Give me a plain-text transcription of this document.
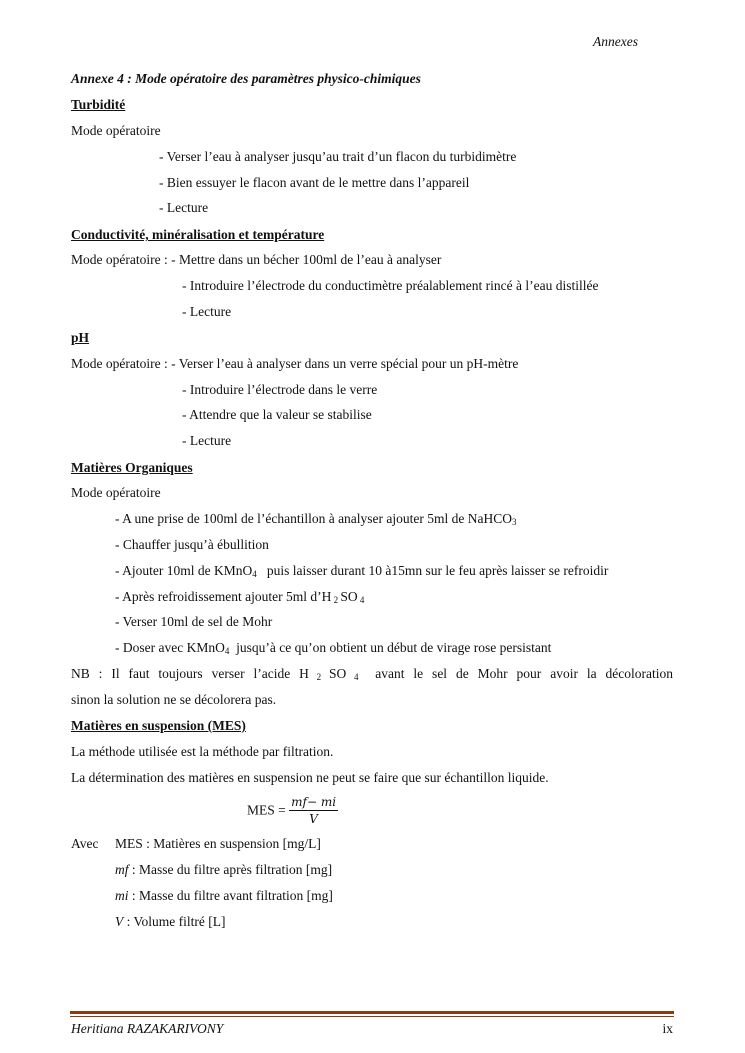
Annexes
Annexe 4 : Mode opératoire des paramètres physico-chimiques
Turbidité
Mode opératoire
- Verser l’eau à analyser jusqu’au trait d’un flacon du turbidimètre
- Bien essuyer le flacon avant de le mettre dans l’appareil
- Lecture
Conductivité, minéralisation et température
Mode opératoire : - Mettre dans un bécher 100ml de l’eau à analyser
- Introduire l’électrode du conductimètre préalablement rincé à l’eau distillée
- Lecture
pH
Mode opératoire : - Verser l’eau à analyser dans un verre spécial pour un pH-mètre
- Introduire l’électrode dans le verre
- Attendre que la valeur se stabilise
- Lecture
Matières Organiques
Mode opératoire
- A une prise de 100ml de l’échantillon à analyser ajouter 5ml de NaHCO3
- Chauffer jusqu’à ébullition
- Ajouter 10ml de KMnO4   puis laisser durant 10 à15mn sur le feu après laisser se refroidir
- Après refroidissement ajouter 5ml d’H 2 SO 4
- Verser 10ml de sel de Mohr
- Doser avec KMnO4  jusqu’à ce qu’on obtient un début de virage rose persistant
NB : Il faut toujours verser l’acide H 2 SO 4  avant le sel de Mohr pour avoir la décoloration
sinon la solution ne se décolorera pas.
Matières en suspension (MES)
La méthode utilisée est la méthode par filtration.
La détermination des matières en suspension ne peut se faire que sur échantillon liquide.
MES = $\frac{mf- mi}{V}$
Avec MES : Matières en suspension [mg/L]
mf : Masse du filtre après filtration [mg]
mi : Masse du filtre avant filtration [mg]
V : Volume filtré [L]
Heritiana RAZAKARIVONY	ix
